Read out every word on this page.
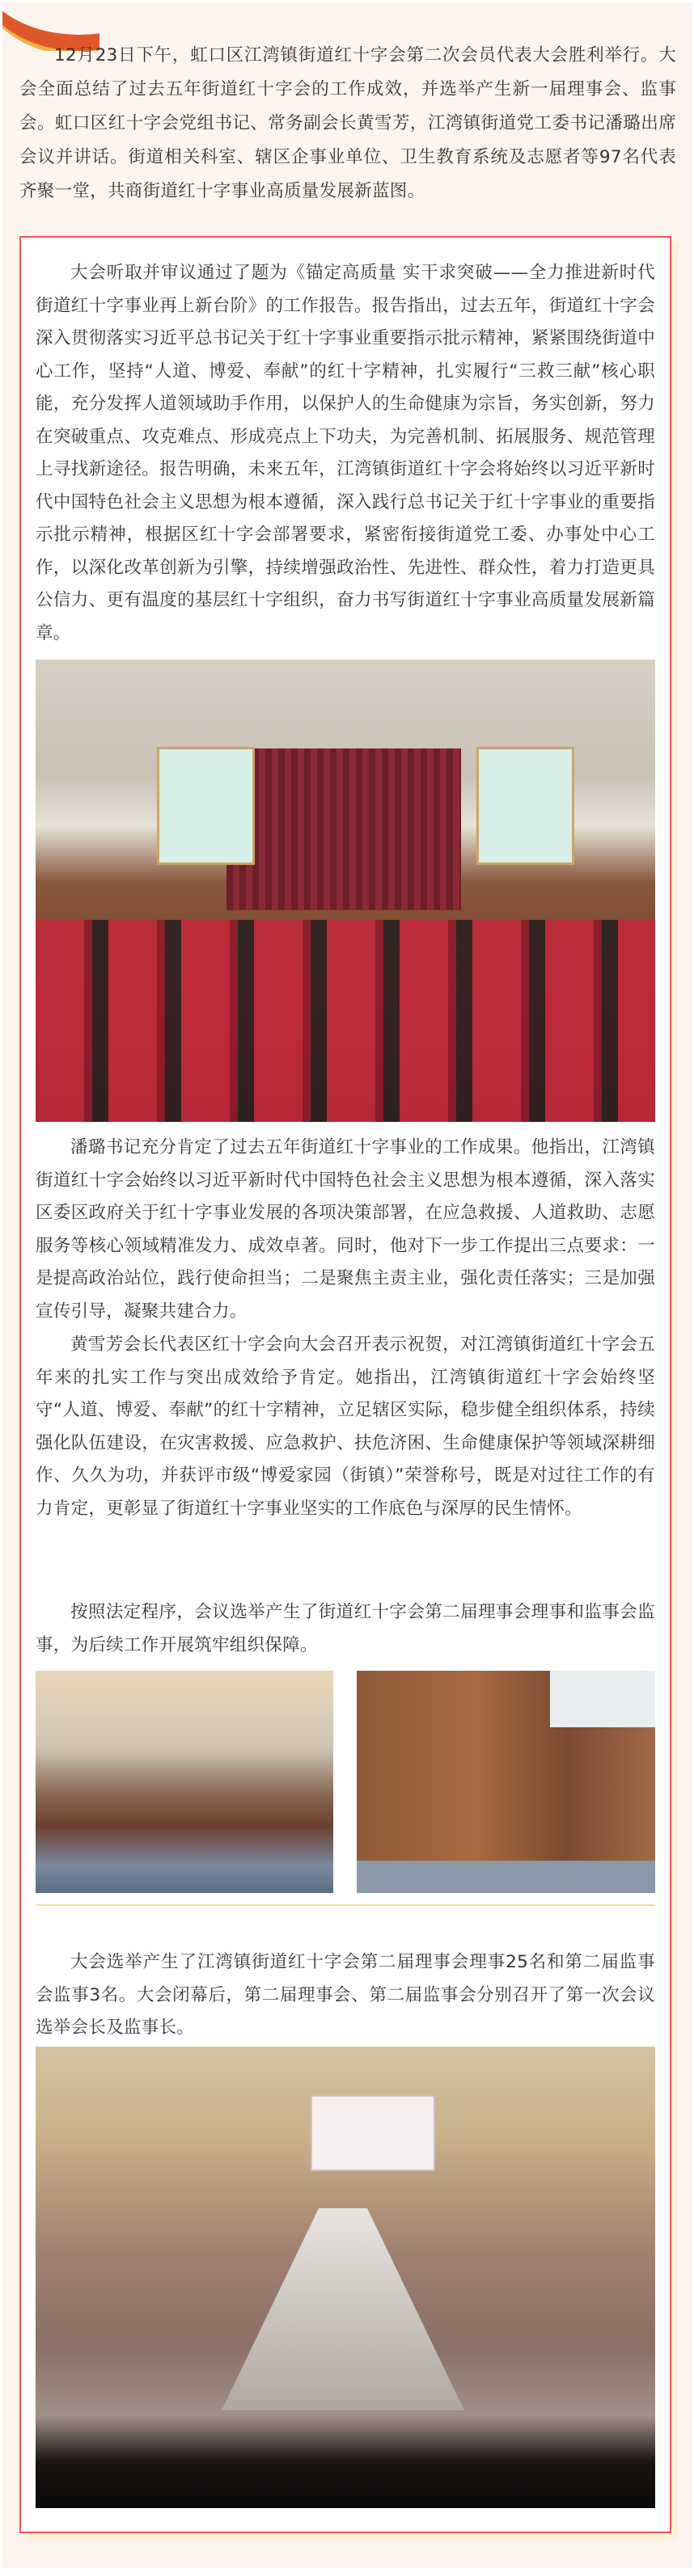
12月23日下午，虹口区江湾镇街道红十字会第二次会员代表大会胜利举行。大会全面总结了过去五年街道红十字会的工作成效，并选举产生新一届理事会、监事会。虹口区红十字会党组书记、常务副会长黄雪芳，江湾镇街道党工委书记潘璐出席会议并讲话。街道相关科室、辖区企事业单位、卫生教育系统及志愿者等97名代表齐聚一堂，共商街道红十字事业高质量发展新蓝图。

大会听取并审议通过了题为《锚定高质量 实干求突破——全力推进新时代街道红十字事业再上新台阶》的工作报告。报告指出，过去五年，街道红十字会深入贯彻落实习近平总书记关于红十字事业重要指示批示精神，紧紧围绕街道中心工作，坚持“人道、博爱、奉献”的红十字精神，扎实履行“三救三献”核心职能，充分发挥人道领域助手作用，以保护人的生命健康为宗旨，务实创新，努力在突破重点、攻克难点、形成亮点上下功夫，为完善机制、拓展服务、规范管理上寻找新途径。报告明确，未来五年，江湾镇街道红十字会将始终以习近平新时代中国特色社会主义思想为根本遵循，深入践行总书记关于红十字事业的重要指示批示精神，根据区红十字会部署要求，紧密衔接街道党工委、办事处中心工作，以深化改革创新为引擎，持续增强政治性、先进性、群众性，着力打造更具公信力、更有温度的基层红十字组织，奋力书写街道红十字事业高质量发展新篇章。

潘璐书记充分肯定了过去五年街道红十字事业的工作成果。他指出，江湾镇街道红十字会始终以习近平新时代中国特色社会主义思想为根本遵循，深入落实区委区政府关于红十字事业发展的各项决策部署，在应急救援、人道救助、志愿服务等核心领域精准发力、成效卓著。同时，他对下一步工作提出三点要求：一是提高政治站位，践行使命担当；二是聚焦主责主业，强化责任落实；三是加强宣传引导，凝聚共建合力。

黄雪芳会长代表区红十字会向大会召开表示祝贺，对江湾镇街道红十字会五年来的扎实工作与突出成效给予肯定。她指出，江湾镇街道红十字会始终坚守“人道、博爱、奉献”的红十字精神，立足辖区实际，稳步健全组织体系，持续强化队伍建设，在灾害救援、应急救护、扶危济困、生命健康保护等领域深耕细作、久久为功，并获评市级“博爱家园（街镇）”荣誉称号，既是对过往工作的有力肯定，更彰显了街道红十字事业坚实的工作底色与深厚的民生情怀。

按照法定程序，会议选举产生了街道红十字会第二届理事会理事和监事会监事，为后续工作开展筑牢组织保障。

大会选举产生了江湾镇街道红十字会第二届理事会理事25名和第二届监事会监事3名。大会闭幕后，第二届理事会、第二届监事会分别召开了第一次会议选举会长及监事长。
